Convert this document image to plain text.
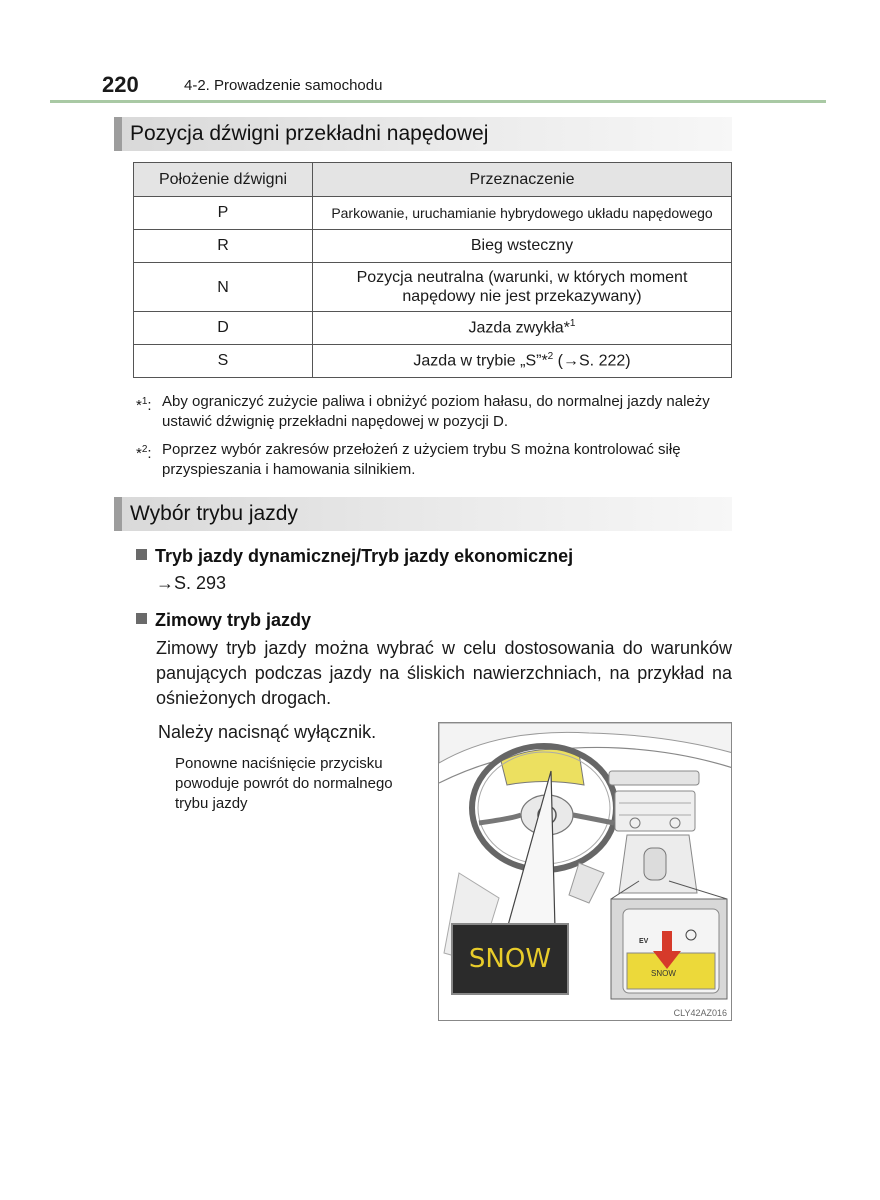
220	4-2. Prowadzenie samochodu
Pozycja dźwigni przekładni napędowej
Położenie dźwigni	Przeznaczenie
P	Parkowanie, uruchamianie hybrydowego układu napędowego
R	Bieg wsteczny
N	Pozycja neutralna (warunki, w których moment
napędowy nie jest przekazywany)
D	Jazda zwykła*$^1$
S	Jazda w trybie „S”*$^2$ (→S. 222)
*$^1$: Aby ograniczyć zużycie paliwa i obniżyć poziom hałasu, do normalnej jazdy należy ustawić dźwignię przekładni napędowej w pozycji D.
*$^2$: Poprzez wybór zakresów przełożeń z użyciem trybu S można kontrolować siłę przyspieszania i hamowania silnikiem.
Wybór trybu jazdy
Tryb jazdy dynamicznej/Tryb jazdy ekonomicznej
→S. 293
Zimowy tryb jazdy
Zimowy tryb jazdy można wybrać w celu dostosowania do warunków panujących podczas jazdy na śliskich nawierzchniach, na przykład na ośnieżonych drogach.
Należy nacisnąć wyłącznik.
Ponowne naciśnięcie przycisku powoduje powrót do normalnego trybu jazdy
SNOW
EV
SNOW
CLY42AZ016
